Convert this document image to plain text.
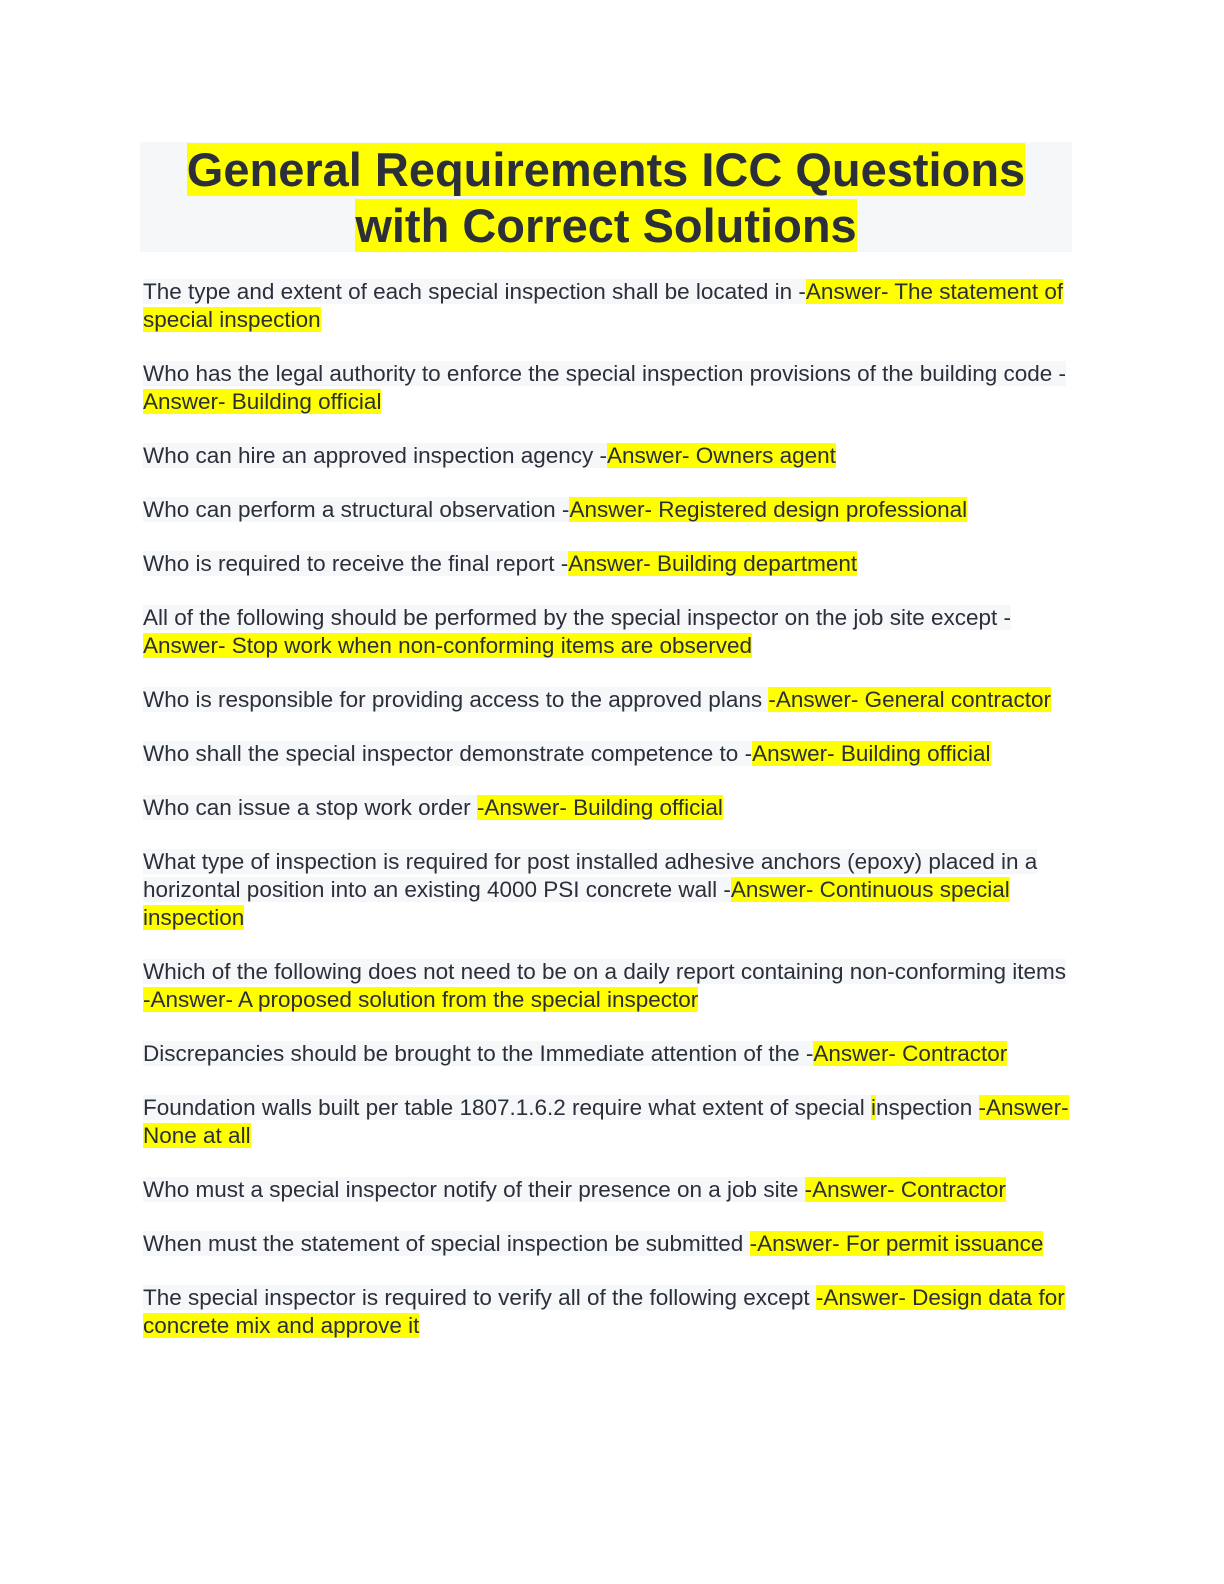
General Requirements ICC Questions
with Correct Solutions

The type and extent of each special inspection shall be located in -Answer- The statement of special inspection

Who has the legal authority to enforce the special inspection provisions of the building code -Answer- Building official

Who can hire an approved inspection agency -Answer- Owners agent

Who can perform a structural observation -Answer- Registered design professional

Who is required to receive the final report -Answer- Building department

All of the following should be performed by the special inspector on the job site except -Answer- Stop work when non-conforming items are observed

Who is responsible for providing access to the approved plans -Answer- General contractor

Who shall the special inspector demonstrate competence to -Answer- Building official

Who can issue a stop work order -Answer- Building official

What type of inspection is required for post installed adhesive anchors (epoxy) placed in a horizontal position into an existing 4000 PSI concrete wall -Answer- Continuous special inspection

Which of the following does not need to be on a daily report containing non-conforming items -Answer- A proposed solution from the special inspector

Discrepancies should be brought to the Immediate attention of the -Answer- Contractor

Foundation walls built per table 1807.1.6.2 require what extent of special inspection -Answer- None at all

Who must a special inspector notify of their presence on a job site -Answer- Contractor

When must the statement of special inspection be submitted -Answer- For permit issuance

The special inspector is required to verify all of the following except -Answer- Design data for concrete mix and approve it
